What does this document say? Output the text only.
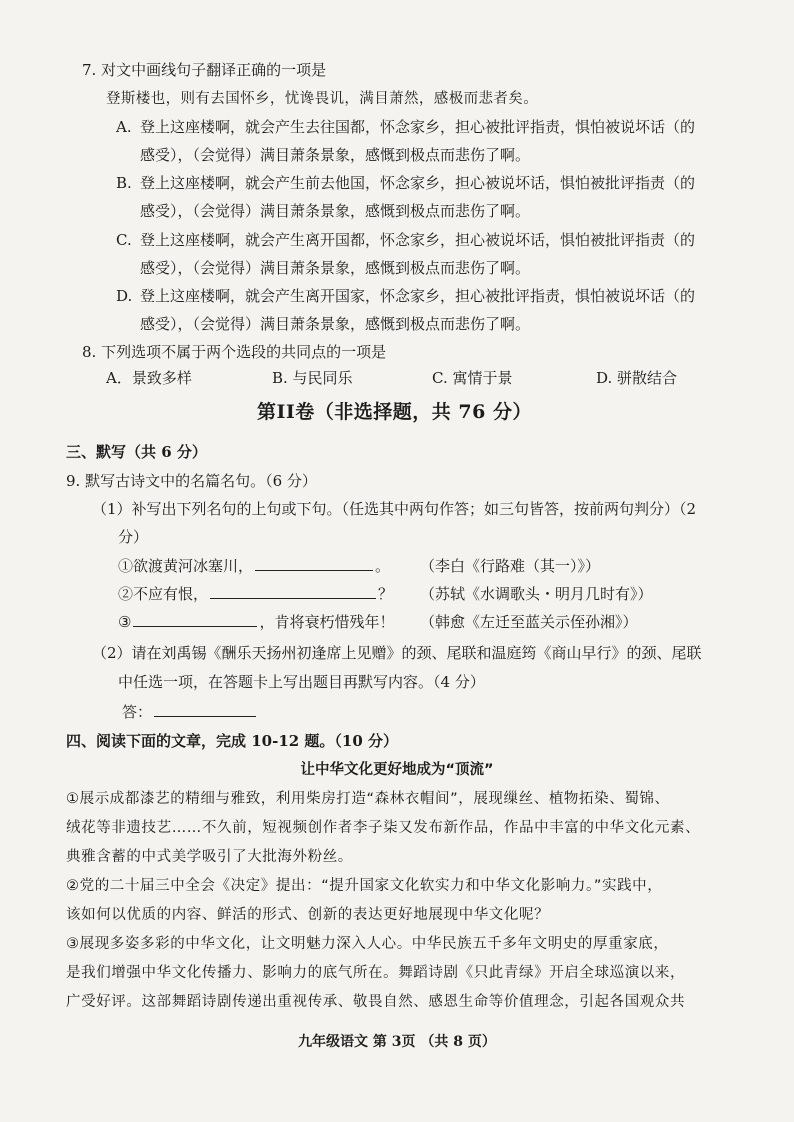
7. 对文中画线句子翻译正确的一项是
登斯楼也，则有去国怀乡，忧谗畏讥，满目萧然，感极而悲者矣。
A. 登上这座楼啊，就会产生去往国都，怀念家乡，担心被批评指责，惧怕被说坏话（的
感受），（会觉得）满目萧条景象，感慨到极点而悲伤了啊。
B. 登上这座楼啊，就会产生前去他国，怀念家乡，担心被说坏话，惧怕被批评指责（的
感受），（会觉得）满目萧条景象，感慨到极点而悲伤了啊。
C. 登上这座楼啊，就会产生离开国都，怀念家乡，担心被说坏话，惧怕被批评指责（的
感受），（会觉得）满目萧条景象，感慨到极点而悲伤了啊。
D. 登上这座楼啊，就会产生离开国家，怀念家乡，担心被批评指责，惧怕被说坏话（的
感受），（会觉得）满目萧条景象，感慨到极点而悲伤了啊。
8. 下列选项不属于两个选段的共同点的一项是
A．景致多样	B. 与民同乐	C. 寓情于景	D. 骈散结合
第II卷（非选择题，共 76 分）
三、默写（共 6 分）
9. 默写古诗文中的名篇名句。（6 分）
（1）补写出下列名句的上句或下句。（任选其中两句作答；如三句皆答，按前两句判分）（2
分）
①欲渡黄河冰塞川，	。 （李白《行路难（其一）》）
②不应有恨，	？ （苏轼《水调歌头・明月几时有》）
③	，肯将衰朽惜残年！ （韩愈《左迁至蓝关示侄孙湘》）
（2）请在刘禹锡《酬乐天扬州初逢席上见赠》的颈、尾联和温庭筠《商山早行》的颈、尾联
中任选一项，在答题卡上写出题目再默写内容。（4 分）
答：
四、阅读下面的文章，完成 10-12 题。（10 分）
让中华文化更好地成为“顶流”
①展示成都漆艺的精细与雅致，利用柴房打造“森林衣帽间”，展现缫丝、植物拓染、蜀锦、
绒花等非遗技艺……不久前，短视频创作者李子柒又发布新作品，作品中丰富的中华文化元素、
典雅含蓄的中式美学吸引了大批海外粉丝。
②党的二十届三中全会《决定》提出：“提升国家文化软实力和中华文化影响力。”实践中，
该如何以优质的内容、鲜活的形式、创新的表达更好地展现中华文化呢？
③展现多姿多彩的中华文化，让文明魅力深入人心。中华民族五千多年文明史的厚重家底，
是我们增强中华文化传播力、影响力的底气所在。舞蹈诗剧《只此青绿》开启全球巡演以来，
广受好评。这部舞蹈诗剧传递出重视传承、敬畏自然、感恩生命等价值理念，引起各国观众共
九年级语文 第 3页 （共 8 页）
